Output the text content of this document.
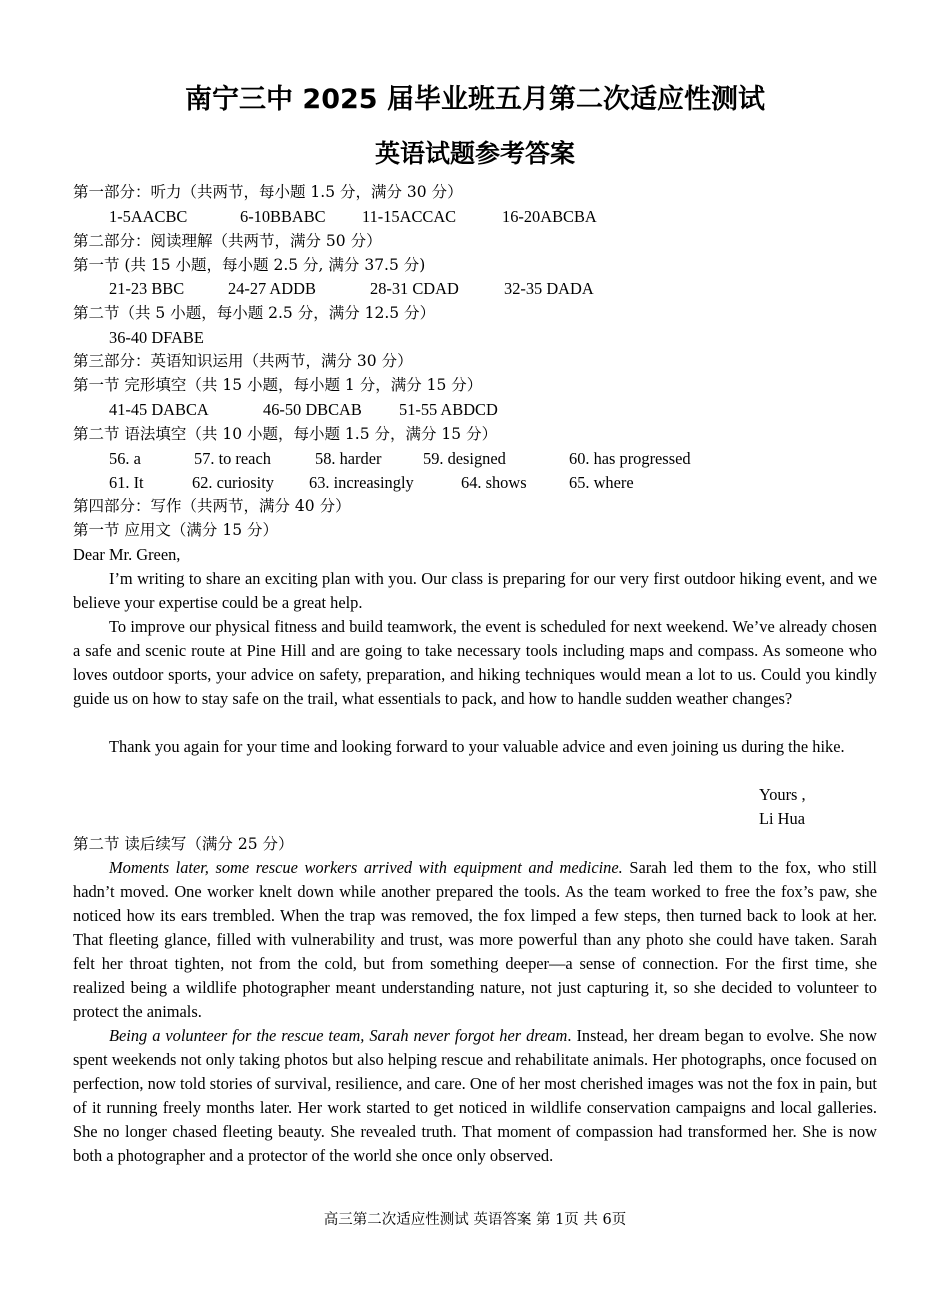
南宁三中 2025 届毕业班五月第二次适应性测试
英语试题参考答案
第一部分：听力（共两节，每小题 1.5 分，满分 30 分）
1-5AACBC	6-10BBABC 11-15ACCAC	16-20ABCBA
第二部分：阅读理解（共两节，满分 50 分）
第一节 (共 15 小题，每小题 2.5 分, 满分 37.5 分)
21-23 BBC	24-27 ADDB	28-31 CDAD	32-35 DADA
第二节（共 5 小题，每小题 2.5 分，满分 12.5 分）
36-40 DFABE
第三部分：英语知识运用（共两节，满分 30 分）
第一节 完形填空（共 15 小题，每小题 1 分，满分 15 分）
41-45 DABCA	46-50 DBCAB 51-55 ABDCD
第二节 语法填空（共 10 小题，每小题 1.5 分，满分 15 分）
56. a	57. to reach	58. harder	59. designed	60. has progressed
61. It	62. curiosity 63. increasingly	64. shows	65. where
第四部分：写作（共两节，满分 40 分）
第一节 应用文（满分 15 分）
Dear Mr. Green,

I’m writing to share an exciting plan with you. Our class is preparing for our very first outdoor hiking event, and we believe your expertise could be a great help.

To improve our physical fitness and build teamwork, the event is scheduled for next weekend. We’ve already chosen a safe and scenic route at Pine Hill and are going to take necessary tools including maps and compass. As someone who loves outdoor sports, your advice on safety, preparation, and hiking techniques would mean a lot to us. Could you kindly guide us on how to stay safe on the trail, what essentials to pack, and how to handle sudden weather changes?

Thank you again for your time and looking forward to your valuable advice and even joining us during the hike.

Yours ,
Li Hua
第二节 读后续写（满分 25 分）

Moments later, some rescue workers arrived with equipment and medicine. Sarah led them to the fox, who still hadn’t moved. One worker knelt down while another prepared the tools. As the team worked to free the fox’s paw, she noticed how its ears trembled. When the trap was removed, the fox limped a few steps, then turned back to look at her. That fleeting glance, filled with vulnerability and trust, was more powerful than any photo she could have taken. Sarah felt her throat tighten, not from the cold, but from something deeper—a sense of connection. For the first time, she realized being a wildlife photographer meant understanding nature, not just capturing it, so she decided to volunteer to protect the animals.

Being a volunteer for the rescue team, Sarah never forgot her dream. Instead, her dream began to evolve. She now spent weekends not only taking photos but also helping rescue and rehabilitate animals. Her photographs, once focused on perfection, now told stories of survival, resilience, and care. One of her most cherished images was not the fox in pain, but of it running freely months later. Her work started to get noticed in wildlife conservation campaigns and local galleries. She no longer chased fleeting beauty. She revealed truth. That moment of compassion had transformed her. She is now both a photographer and a protector of the world she once only observed.

高三第二次适应性测试 英语答案 第 1页 共 6页
